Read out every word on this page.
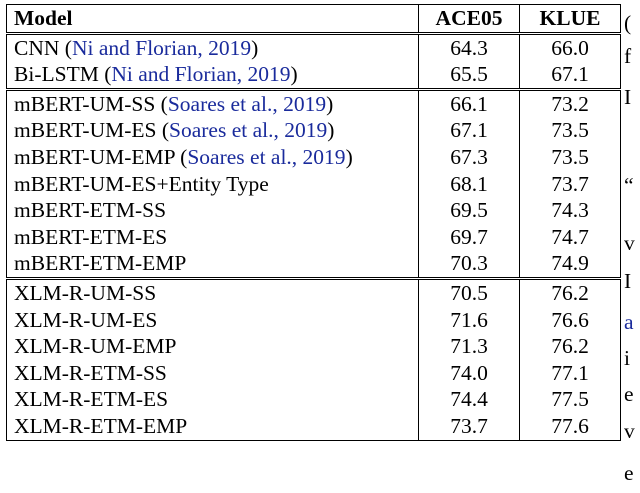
Model	ACE05	KLUE
CNN (Ni and Florian, 2019)	64.3	66.0
Bi-LSTM (Ni and Florian, 2019)	65.5	67.1
mBERT-UM-SS (Soares et al., 2019)	66.1	73.2
mBERT-UM-ES (Soares et al., 2019)	67.1	73.5
mBERT-UM-EMP (Soares et al., 2019)	67.3	73.5
mBERT-UM-ES+Entity Type	68.1	73.7
mBERT-ETM-SS	69.5	74.3
mBERT-ETM-ES	69.7	74.7
mBERT-ETM-EMP	70.3	74.9
XLM-R-UM-SS	70.5	76.2
XLM-R-UM-ES	71.6	76.6
XLM-R-UM-EMP	71.3	76.2
XLM-R-ETM-SS	74.0	77.1
XLM-R-ETM-ES	74.4	77.5
XLM-R-ETM-EMP	73.7	77.6
(
f
I
“
v
I
a
i
e
v
e
